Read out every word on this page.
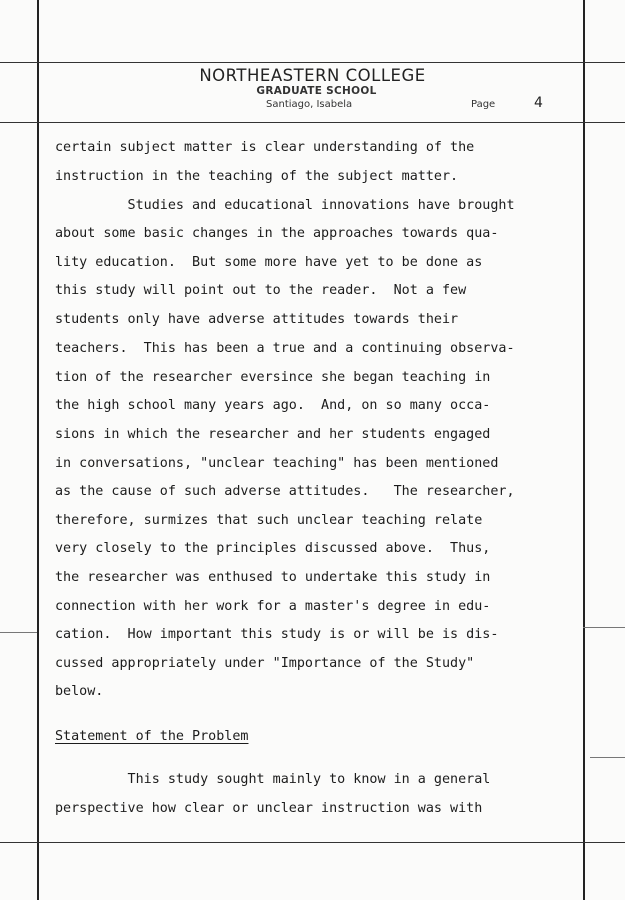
NORTHEASTERN COLLEGE
GRADUATE SCHOOL
Santiago, Isabela	Page	4
certain subject matter is clear understanding of the
instruction in the teaching of the subject matter.
Studies and educational innovations have brought
about some basic changes in the approaches towards qua-
lity education.  But some more have yet to be done as
this study will point out to the reader.  Not a few
students only have adverse attitudes towards their
teachers.  This has been a true and a continuing observa-
tion of the researcher eversince she began teaching in
the high school many years ago.  And, on so many occa-
sions in which the researcher and her students engaged
in conversations, "unclear teaching" has been mentioned
as the cause of such adverse attitudes.   The researcher,
therefore, surmizes that such unclear teaching relate
very closely to the principles discussed above.  Thus,
the researcher was enthused to undertake this study in
connection with her work for a master's degree in edu-
cation.  How important this study is or will be is dis-
cussed appropriately under "Importance of the Study"
below.
Statement of the Problem
This study sought mainly to know in a general
perspective how clear or unclear instruction was with
